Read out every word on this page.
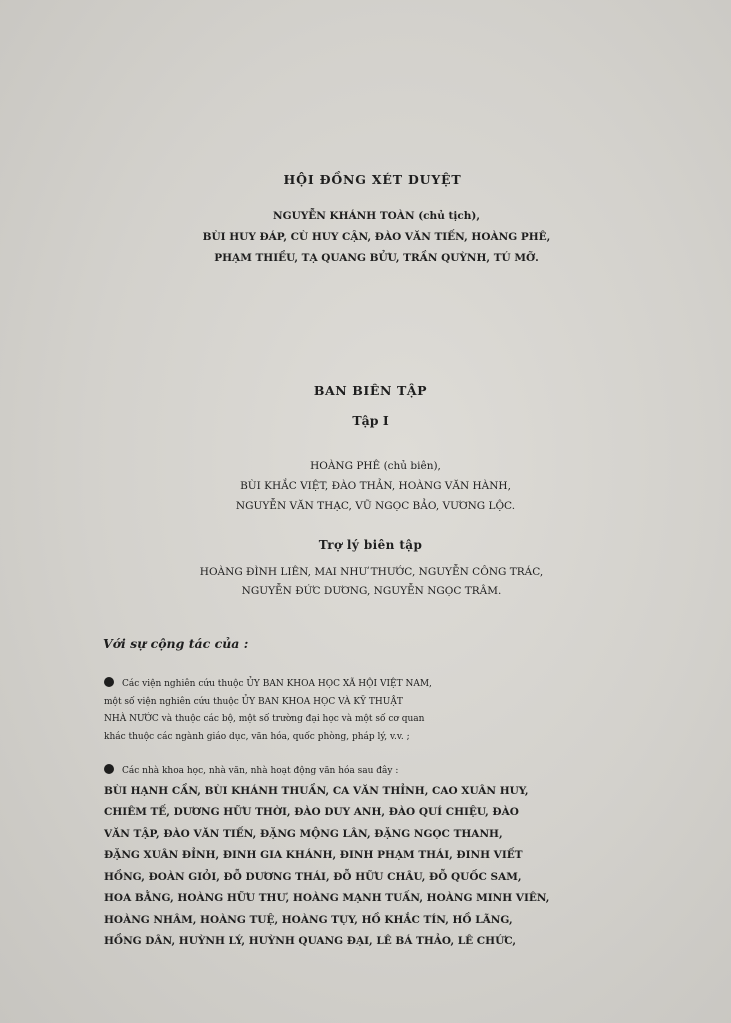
HỘI ĐỒNG XÉT DUYỆT
NGUYỄN KHÁNH TOÀN (chủ tịch),
BÙI HUY ĐÁP, CÙ HUY CẬN, ĐÀO VĂN TIẾN, HOÀNG PHÊ,
PHẠM THIỀU, TẠ QUANG BỬU, TRẦN QUỲNH, TÚ MỠ.
BAN BIÊN TẬP
Tập I
HOÀNG PHÊ (chủ biên),
BÙI KHẮC VIỆT, ĐÀO THẢN, HOÀNG VĂN HÀNH,
NGUYỄN VĂN THẠC, VŨ NGỌC BẢO, VƯƠNG LỘC.
Trợ lý biên tập
HOÀNG ĐÌNH LIÊN, MAI NHƯ THƯỚC, NGUYỄN CÔNG TRÁC,
NGUYỄN ĐỨC DƯƠNG, NGUYỄN NGỌC TRÂM.
Với sự cộng tác của :
Các viện nghiên cứu thuộc ỦY BAN KHOA HỌC XÃ HỘI VIỆT NAM,
một số viện nghiên cứu thuộc ỦY BAN KHOA HỌC VÀ KỸ THUẬT
NHÀ NƯỚC và thuộc các bộ, một số trường đại học và một số cơ quan
khác thuộc các ngành giáo dục, văn hóa, quốc phòng, pháp lý, v.v. ;
Các nhà khoa học, nhà văn, nhà hoạt động văn hóa sau đây :
BÙI HẠNH CẦN, BÙI KHÁNH THUẦN, CA VĂN THỈNH, CAO XUÂN HUY,
CHIÊM TẾ, DƯƠNG HỮU THỜI, ĐÀO DUY ANH, ĐÀO QUÍ CHIỆU, ĐÀO
VĂN TẬP, ĐÀO VĂN TIẾN, ĐẶNG MỘNG LÂN, ĐẶNG NGỌC THANH,
ĐẶNG XUÂN ĐỈNH, ĐINH GIA KHÁNH, ĐINH PHẠM THÁI, ĐINH VIẾT
HỒNG, ĐOÀN GIỎI, ĐỖ DƯƠNG THÁI, ĐỖ HỮU CHÂU, ĐỖ QUỐC SAM,
HOA BẰNG, HOÀNG HỮU THƯ, HOÀNG MẠNH TUẤN, HOÀNG MINH VIÊN,
HOÀNG NHÂM, HOÀNG TUỆ, HOÀNG TỤY, HỒ KHẮC TÍN, HỒ LÃNG,
HỒNG DÂN, HUỲNH LÝ, HUỲNH QUANG ĐẠI, LÊ BÁ THẢO, LÊ CHỨC,
